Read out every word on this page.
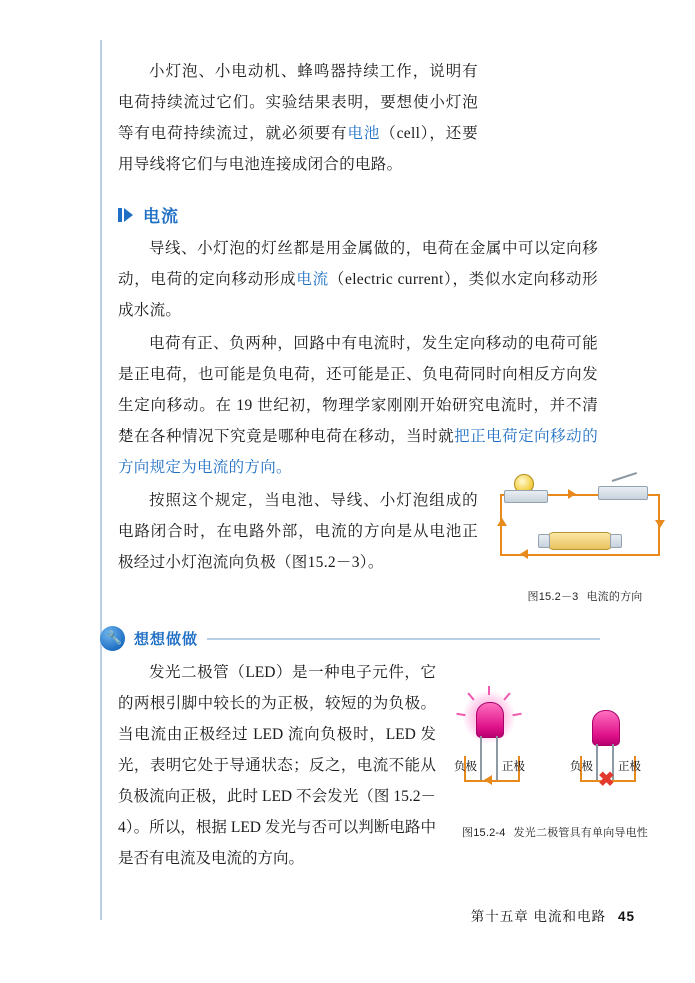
小灯泡、小电动机、蜂鸣器持续工作，说明有电荷持续流过它们。实验结果表明，要想使小灯泡等有电荷持续流过，就必须要有电池（cell），还要用导线将它们与电池连接成闭合的电路。

电流

导线、小灯泡的灯丝都是用金属做的，电荷在金属中可以定向移动，电荷的定向移动形成电流（electric current），类似水定向移动形成水流。

电荷有正、负两种，回路中有电流时，发生定向移动的电荷可能是正电荷，也可能是负电荷，还可能是正、负电荷同时向相反方向发生定向移动。在 19 世纪初，物理学家刚刚开始研究电流时，并不清楚在各种情况下究竟是哪种电荷在移动，当时就把正电荷定向移动的方向规定为电流的方向。

按照这个规定，当电池、导线、小灯泡组成的电路闭合时，在电路外部，电流的方向是从电池正极经过小灯泡流向负极（图15.2－3）。

图15.2－3 电流的方向
🔧 想想做做

发光二极管（LED）是一种电子元件，它的两根引脚中较长的为正极，较短的为负极。当电流由正极经过 LED 流向负极时，LED 发光，表明它处于导通状态；反之，电流不能从负极流向正极，此时 LED 不会发光（图 15.2－4）。所以，根据 LED 发光与否可以判断电路中是否有电流及电流的方向。

负极 正极
✖
负极 正极
图15.2-4 发光二极管具有单向导电性
第十五章 电流和电路 45
